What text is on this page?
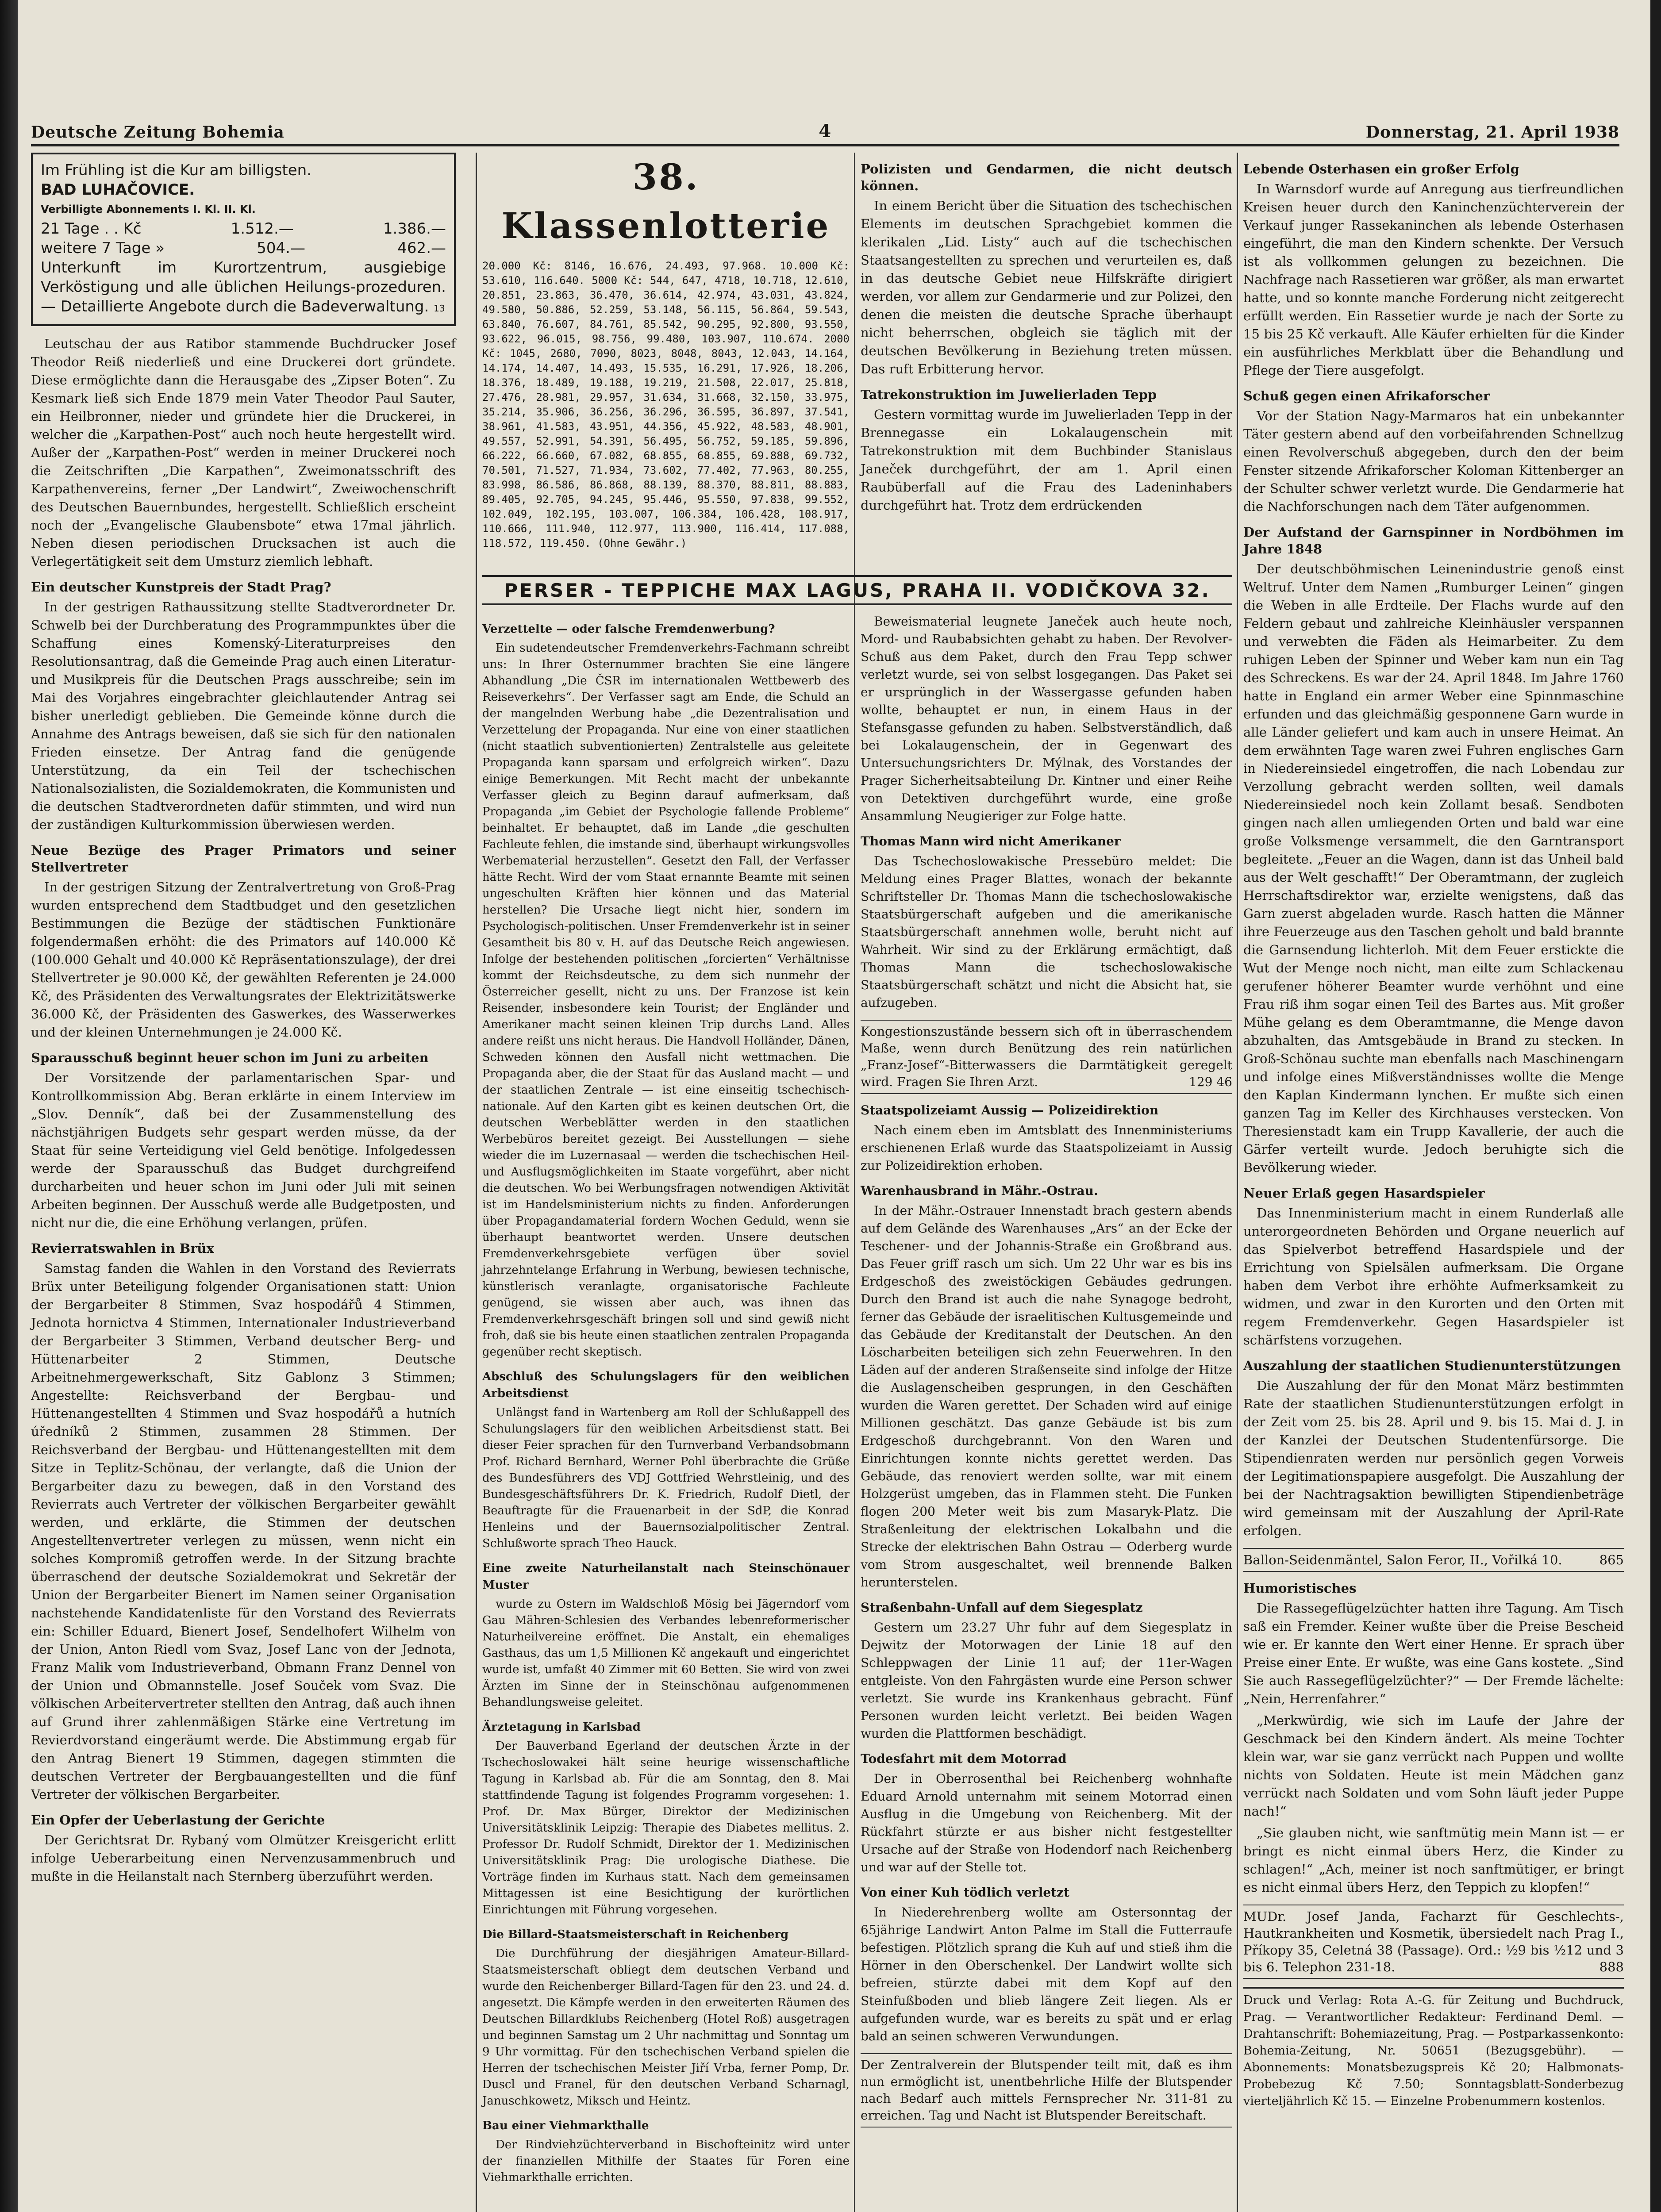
Deutsche Zeitung Bohemia	4	Donnerstag, 21. April 1938
Im Frühling ist die Kur am billigsten.
BAD LUHAČOVICE.
Verbilligte Abonnements I. Kl. II. Kl.
21 Tage . . Kč	1.512.—	1.386.—
weitere 7 Tage »	504.—	462.—
Unterkunft im Kurortzentrum, ausgiebige Verköstigung und alle üblichen Heilungs-prozeduren. — Detaillierte Angebote durch die Badeverwaltung. 13

Leutschau der aus Ratibor stammende Buchdrucker Josef Theodor Reiß niederließ und eine Druckerei dort gründete. Diese ermöglichte dann die Herausgabe des „Zipser Boten“. Zu Kesmark ließ sich Ende 1879 mein Vater Theodor Paul Sauter, ein Heilbronner, nieder und gründete hier die Druckerei, in welcher die „Karpathen-Post“ auch noch heute hergestellt wird. Außer der „Karpathen-Post“ werden in meiner Druckerei noch die Zeitschriften „Die Karpathen“, Zweimonatsschrift des Karpathenvereins, ferner „Der Landwirt“, Zweiwochenschrift des Deutschen Bauernbundes, hergestellt. Schließlich erscheint noch der „Evangelische Glaubensbote“ etwa 17mal jährlich. Neben diesen periodischen Drucksachen ist auch die Verlegertätigkeit seit dem Umsturz ziemlich lebhaft.

Ein deutscher Kunstpreis der Stadt Prag?

In der gestrigen Rathaussitzung stellte Stadtverordneter Dr. Schwelb bei der Durchberatung des Programmpunktes über die Schaffung eines Komenský-Literaturpreises den Resolutionsantrag, daß die Gemeinde Prag auch einen Literatur- und Musikpreis für die Deutschen Prags ausschreibe; sein im Mai des Vorjahres eingebrachter gleichlautender Antrag sei bisher unerledigt geblieben. Die Gemeinde könne durch die Annahme des Antrags beweisen, daß sie sich für den nationalen Frieden einsetze. Der Antrag fand die genügende Unterstützung, da ein Teil der tschechischen Nationalsozialisten, die Sozialdemokraten, die Kommunisten und die deutschen Stadtverordneten dafür stimmten, und wird nun der zuständigen Kulturkommission überwiesen werden.

Neue Bezüge des Prager Primators und seiner Stellvertreter

In der gestrigen Sitzung der Zentralvertretung von Groß-Prag wurden entsprechend dem Stadtbudget und den gesetzlichen Bestimmungen die Bezüge der städtischen Funktionäre folgendermaßen erhöht: die des Primators auf 140.000 Kč (100.000 Gehalt und 40.000 Kč Repräsentationszulage), der drei Stellvertreter je 90.000 Kč, der gewählten Referenten je 24.000 Kč, des Präsidenten des Verwaltungsrates der Elektrizitätswerke 36.000 Kč, der Präsidenten des Gaswerkes, des Wasserwerkes und der kleinen Unternehmungen je 24.000 Kč.

Sparausschuß beginnt heuer schon im Juni zu arbeiten

Der Vorsitzende der parlamentarischen Spar- und Kontrollkommission Abg. Beran erklärte in einem Interview im „Slov. Denník“, daß bei der Zusammenstellung des nächstjährigen Budgets sehr gespart werden müsse, da der Staat für seine Verteidigung viel Geld benötige. Infolgedessen werde der Sparausschuß das Budget durchgreifend durcharbeiten und heuer schon im Juni oder Juli mit seinen Arbeiten beginnen. Der Ausschuß werde alle Budgetposten, und nicht nur die, die eine Erhöhung verlangen, prüfen.

Revierratswahlen in Brüx

Samstag fanden die Wahlen in den Vorstand des Revierrats Brüx unter Beteiligung folgender Organisationen statt: Union der Bergarbeiter 8 Stimmen, Svaz hospodářů 4 Stimmen, Jednota hornictva 4 Stimmen, Internationaler Industrieverband der Bergarbeiter 3 Stimmen, Verband deutscher Berg- und Hüttenarbeiter 2 Stimmen, Deutsche Arbeitnehmergewerkschaft, Sitz Gablonz 3 Stimmen; Angestellte: Reichsverband der Bergbau- und Hüttenangestellten 4 Stimmen und Svaz hospodářů a hutních úředníků 2 Stimmen, zusammen 28 Stimmen. Der Reichsverband der Bergbau- und Hüttenangestellten mit dem Sitze in Teplitz-Schönau, der verlangte, daß die Union der Bergarbeiter dazu zu bewegen, daß in den Vorstand des Revierrats auch Vertreter der völkischen Bergarbeiter gewählt werden, und erklärte, die Stimmen der deutschen Angestelltenvertreter verlegen zu müssen, wenn nicht ein solches Kompromiß getroffen werde. In der Sitzung brachte überraschend der deutsche Sozialdemokrat und Sekretär der Union der Bergarbeiter Bienert im Namen seiner Organisation nachstehende Kandidatenliste für den Vorstand des Revierrats ein: Schiller Eduard, Bienert Josef, Sendelhofert Wilhelm von der Union, Anton Riedl vom Svaz, Josef Lanc von der Jednota, Franz Malik vom Industrieverband, Obmann Franz Dennel von der Union und Obmannstelle. Josef Souček vom Svaz. Die völkischen Arbeitervertreter stellten den Antrag, daß auch ihnen auf Grund ihrer zahlenmäßigen Stärke eine Vertretung im Revierdvorstand eingeräumt werde. Die Abstimmung ergab für den Antrag Bienert 19 Stimmen, dagegen stimmten die deutschen Vertreter der Bergbauangestellten und die fünf Vertreter der völkischen Bergarbeiter.

Ein Opfer der Ueberlastung der Gerichte

Der Gerichtsrat Dr. Rybaný vom Olmützer Kreisgericht erlitt infolge Ueberarbeitung einen Nervenzusammenbruch und mußte in die Heilanstalt nach Sternberg überzuführt werden.

38. Klassenlotterie
20.000 Kč: 8146, 16.676, 24.493, 97.968. 10.000 Kč: 53.610, 116.640. 5000 Kč: 544, 647, 4718, 10.718, 12.610, 20.851, 23.863, 36.470, 36.614, 42.974, 43.031, 43.824, 49.580, 50.886, 52.259, 53.148, 56.115, 56.864, 59.543, 63.840, 76.607, 84.761, 85.542, 90.295, 92.800, 93.550, 93.622, 96.015, 98.756, 99.480, 103.907, 110.674. 2000 Kč: 1045, 2680, 7090, 8023, 8048, 8043, 12.043, 14.164, 14.174, 14.407, 14.493, 15.535, 16.291, 17.926, 18.206, 18.376, 18.489, 19.188, 19.219, 21.508, 22.017, 25.818, 27.476, 28.981, 29.957, 31.634, 31.668, 32.150, 33.975, 35.214, 35.906, 36.256, 36.296, 36.595, 36.897, 37.541, 38.961, 41.583, 43.951, 44.356, 45.922, 48.583, 48.901, 49.557, 52.991, 54.391, 56.495, 56.752, 59.185, 59.896, 66.222, 66.660, 67.082, 68.855, 68.855, 69.888, 69.732, 70.501, 71.527, 71.934, 73.602, 77.402, 77.963, 80.255, 83.998, 86.586, 86.868, 88.139, 88.370, 88.811, 88.883, 89.405, 92.705, 94.245, 95.446, 95.550, 97.838, 99.552, 102.049, 102.195, 103.007, 106.384, 106.428, 108.917, 110.666, 111.940, 112.977, 113.900, 116.414, 117.088, 118.572, 119.450. (Ohne Gewähr.)
Polizisten und Gendarmen, die nicht deutsch können.

In einem Bericht über die Situation des tschechischen Elements im deutschen Sprachgebiet kommen die klerikalen „Lid. Listy“ auch auf die tschechischen Staatsangestellten zu sprechen und verurteilen es, daß in das deutsche Gebiet neue Hilfskräfte dirigiert werden, vor allem zur Gendarmerie und zur Polizei, den denen die meisten die deutsche Sprache überhaupt nicht beherrschen, obgleich sie täglich mit der deutschen Bevölkerung in Beziehung treten müssen. Das ruft Erbitterung hervor.

Tatrekonstruktion im Juwelierladen Tepp

Gestern vormittag wurde im Juwelierladen Tepp in der Brennegasse ein Lokalaugenschein mit Tatrekonstruktion mit dem Buchbinder Stanislaus Janeček durchgeführt, der am 1. April einen Raubüberfall auf die Frau des Ladeninhabers durchgeführt hat. Trotz dem erdrückenden

Lebende Osterhasen ein großer Erfolg

In Warnsdorf wurde auf Anregung aus tierfreundlichen Kreisen heuer durch den Kaninchenzüchterverein der Verkauf junger Rassekaninchen als lebende Osterhasen eingeführt, die man den Kindern schenkte. Der Versuch ist als vollkommen gelungen zu bezeichnen. Die Nachfrage nach Rassetieren war größer, als man erwartet hatte, und so konnte manche Forderung nicht zeitgerecht erfüllt werden. Ein Rassetier wurde je nach der Sorte zu 15 bis 25 Kč verkauft. Alle Käufer erhielten für die Kinder ein ausführliches Merkblatt über die Behandlung und Pflege der Tiere ausgefolgt.

Schuß gegen einen Afrikaforscher

Vor der Station Nagy-Marmaros hat ein unbekannter Täter gestern abend auf den vorbeifahrenden Schnellzug einen Revolverschuß abgegeben, durch den der beim Fenster sitzende Afrikaforscher Koloman Kittenberger an der Schulter schwer verletzt wurde. Die Gendarmerie hat die Nachforschungen nach dem Täter aufgenommen.

Der Aufstand der Garnspinner in Nordböhmen im Jahre 1848

Der deutschböhmischen Leinenindustrie genoß einst Weltruf. Unter dem Namen „Rumburger Leinen“ gingen die Weben in alle Erdteile. Der Flachs wurde auf den Feldern gebaut und zahlreiche Kleinhäusler verspannen und verwebten die Fäden als Heimarbeiter. Zu dem ruhigen Leben der Spinner und Weber kam nun ein Tag des Schreckens. Es war der 24. April 1848. Im Jahre 1760 hatte in England ein armer Weber eine Spinnmaschine erfunden und das gleichmäßig gesponnene Garn wurde in alle Länder geliefert und kam auch in unsere Heimat. An dem erwähnten Tage waren zwei Fuhren englisches Garn in Niedereinsiedel eingetroffen, die nach Lobendau zur Verzollung gebracht werden sollten, weil damals Niedereinsiedel noch kein Zollamt besaß. Sendboten gingen nach allen umliegenden Orten und bald war eine große Volksmenge versammelt, die den Garntransport begleitete. „Feuer an die Wagen, dann ist das Unheil bald aus der Welt geschafft!“ Der Oberamtmann, der zugleich Herrschaftsdirektor war, erzielte wenigstens, daß das Garn zuerst abgeladen wurde. Rasch hatten die Männer ihre Feuerzeuge aus den Taschen geholt und bald brannte die Garnsendung lichterloh. Mit dem Feuer erstickte die Wut der Menge noch nicht, man eilte zum Schlackenau gerufener höherer Beamter wurde verhöhnt und eine Frau riß ihm sogar einen Teil des Bartes aus. Mit großer Mühe gelang es dem Oberamtmanne, die Menge davon abzuhalten, das Amtsgebäude in Brand zu stecken. In Groß-Schönau suchte man ebenfalls nach Maschinengarn und infolge eines Mißverständnisses wollte die Menge den Kaplan Kindermann lynchen. Er mußte sich einen ganzen Tag im Keller des Kirchhauses verstecken. Von Theresienstadt kam ein Trupp Kavallerie, der auch die Gärfer verteilt wurde. Jedoch beruhigte sich die Bevölkerung wieder.

Neuer Erlaß gegen Hasardspieler

Das Innenministerium macht in einem Runderlaß alle unterorgeordneten Behörden und Organe neuerlich auf das Spielverbot betreffend Hasardspiele und der Errichtung von Spielsälen aufmerksam. Die Organe haben dem Verbot ihre erhöhte Aufmerksamkeit zu widmen, und zwar in den Kurorten und den Orten mit regem Fremdenverkehr. Gegen Hasardspieler ist schärfstens vorzugehen.

Auszahlung der staatlichen Studienunterstützungen

Die Auszahlung der für den Monat März bestimmten Rate der staatlichen Studienunterstützungen erfolgt in der Zeit vom 25. bis 28. April und 9. bis 15. Mai d. J. in der Kanzlei der Deutschen Studentenfürsorge. Die Stipendienraten werden nur persönlich gegen Vorweis der Legitimationspapiere ausgefolgt. Die Auszahlung der bei der Nachtragsaktion bewilligten Stipendienbeträge wird gemeinsam mit der Auszahlung der April-Rate erfolgen.

Ballon-Seidenmäntel, Salon Feror, II., Vořilká 10.	865
Humoristisches

Die Rassegeflügelzüchter hatten ihre Tagung. Am Tisch saß ein Fremder. Keiner wußte über die Preise Bescheid wie er. Er kannte den Wert einer Henne. Er sprach über Preise einer Ente. Er wußte, was eine Gans kostete. „Sind Sie auch Rassegeflügelzüchter?“ — Der Fremde lächelte: „Nein, Herrenfahrer.“

„Merkwürdig, wie sich im Laufe der Jahre der Geschmack bei den Kindern ändert. Als meine Tochter klein war, war sie ganz verrückt nach Puppen und wollte nichts von Soldaten. Heute ist mein Mädchen ganz verrückt nach Soldaten und vom Sohn läuft jeder Puppe nach!“

„Sie glauben nicht, wie sanftmütig mein Mann ist — er bringt es nicht einmal übers Herz, die Kinder zu schlagen!“ „Ach, meiner ist noch sanftmütiger, er bringt es nicht einmal übers Herz, den Teppich zu klopfen!“

MUDr. Josef Janda, Facharzt für Geschlechts-, Hautkrankheiten und Kosmetik, übersiedelt nach Prag I., Příkopy 35, Celetná 38 (Passage). Ord.: ½9 bis ½12 und 3 bis 6. Telephon 231-18.	888
Druck und Verlag: Rota A.-G. für Zeitung und Buchdruck, Prag. — Verantwortlicher Redakteur: Ferdinand Deml. — Drahtanschrift: Bohemiazeitung, Prag. — Postparkassenkonto: Bohemia-Zeitung, Nr. 50651 (Bezugsgebühr). — Abonnements: Monatsbezugspreis Kč 20; Halbmonats-Probebezug Kč 7.50; Sonntagsblatt-Sonderbezug vierteljährlich Kč 15. — Einzelne Probenummern kostenlos.
PERSER - TEPPICHE MAX LAGUS, PRAHA II. VODIČKOVA 32.
Verzettelte — oder falsche Fremdenwerbung?

Ein sudetendeutscher Fremdenverkehrs-Fachmann schreibt uns: In Ihrer Osternummer brachten Sie eine längere Abhandlung „Die ČSR im internationalen Wettbewerb des Reiseverkehrs“. Der Verfasser sagt am Ende, die Schuld an der mangelnden Werbung habe „die Dezentralisation und Verzettelung der Propaganda. Nur eine von einer staatlichen (nicht staatlich subventionierten) Zentralstelle aus geleitete Propaganda kann sparsam und erfolgreich wirken“. Dazu einige Bemerkungen. Mit Recht macht der unbekannte Verfasser gleich zu Beginn darauf aufmerksam, daß Propaganda „im Gebiet der Psychologie fallende Probleme“ beinhaltet. Er behauptet, daß im Lande „die geschulten Fachleute fehlen, die imstande sind, überhaupt wirkungsvolles Werbematerial herzustellen“. Gesetzt den Fall, der Verfasser hätte Recht. Wird der vom Staat ernannte Beamte mit seinen ungeschulten Kräften hier können und das Material herstellen? Die Ursache liegt nicht hier, sondern im Psychologisch-politischen. Unser Fremdenverkehr ist in seiner Gesamtheit bis 80 v. H. auf das Deutsche Reich angewiesen. Infolge der bestehenden politischen „forcierten“ Verhältnisse kommt der Reichsdeutsche, zu dem sich nunmehr der Österreicher gesellt, nicht zu uns. Der Franzose ist kein Reisender, insbesondere kein Tourist; der Engländer und Amerikaner macht seinen kleinen Trip durchs Land. Alles andere reißt uns nicht heraus. Die Handvoll Holländer, Dänen, Schweden können den Ausfall nicht wettmachen. Die Propaganda aber, die der Staat für das Ausland macht — und der staatlichen Zentrale — ist eine einseitig tschechisch-nationale. Auf den Karten gibt es keinen deutschen Ort, die deutschen Werbeblätter werden in den staatlichen Werbebüros bereitet gezeigt. Bei Ausstellungen — siehe wieder die im Luzernasaal — werden die tschechischen Heil- und Ausflugsmöglichkeiten im Staate vorgeführt, aber nicht die deutschen. Wo bei Werbungsfragen notwendigen Aktivität ist im Handelsministerium nichts zu finden. Anforderungen über Propagandamaterial fordern Wochen Geduld, wenn sie überhaupt beantwortet werden. Unsere deutschen Fremdenverkehrsgebiete verfügen über soviel jahrzehntelange Erfahrung in Werbung, bewiesen technische, künstlerisch veranlagte, organisatorische Fachleute genügend, sie wissen aber auch, was ihnen das Fremdenverkehrsgeschäft bringen soll und sind gewiß nicht froh, daß sie bis heute einen staatlichen zentralen Propaganda gegenüber recht skeptisch.

Abschluß des Schulungslagers für den weiblichen Arbeitsdienst

Unlängst fand in Wartenberg am Roll der Schlußappell des Schulungslagers für den weiblichen Arbeitsdienst statt. Bei dieser Feier sprachen für den Turnverband Verbandsobmann Prof. Richard Bernhard, Werner Pohl überbrachte die Grüße des Bundesführers des VDJ Gottfried Wehrstleinig, und des Bundesgeschäftsführers Dr. K. Friedrich, Rudolf Dietl, der Beauftragte für die Frauenarbeit in der SdP, die Konrad Henleins und der Bauernsozialpolitischer Zentral. Schlußworte sprach Theo Hauck.

Eine zweite Naturheilanstalt nach Steinschönauer Muster

wurde zu Ostern im Waldschloß Mösig bei Jägerndorf vom Gau Mähren-Schlesien des Verbandes lebenreformerischer Naturheilvereine eröffnet. Die Anstalt, ein ehemaliges Gasthaus, das um 1,5 Millionen Kč angekauft und eingerichtet wurde ist, umfaßt 40 Zimmer mit 60 Betten. Sie wird von zwei Ärzten im Sinne der in Steinschönau aufgenommenen Behandlungsweise geleitet.

Ärztetagung in Karlsbad

Der Bauverband Egerland der deutschen Ärzte in der Tschechoslowakei hält seine heurige wissenschaftliche Tagung in Karlsbad ab. Für die am Sonntag, den 8. Mai stattfindende Tagung ist folgendes Programm vorgesehen: 1. Prof. Dr. Max Bürger, Direktor der Medizinischen Universitätsklinik Leipzig: Therapie des Diabetes mellitus. 2. Professor Dr. Rudolf Schmidt, Direktor der 1. Medizinischen Universitätsklinik Prag: Die urologische Diathese. Die Vorträge finden im Kurhaus statt. Nach dem gemeinsamen Mittagessen ist eine Besichtigung der kurörtlichen Einrichtungen mit Führung vorgesehen.

Die Billard-Staatsmeisterschaft in Reichenberg

Die Durchführung der diesjährigen Amateur-Billard-Staatsmeisterschaft obliegt dem deutschen Verband und wurde den Reichenberger Billard-Tagen für den 23. und 24. d. angesetzt. Die Kämpfe werden in den erweiterten Räumen des Deutschen Billardklubs Reichenberg (Hotel Roß) ausgetragen und beginnen Samstag um 2 Uhr nachmittag und Sonntag um 9 Uhr vormittag. Für den tschechischen Verband spielen die Herren der tschechischen Meister Jiří Vrba, ferner Pomp, Dr. Duscl und Franel, für den deutschen Verband Scharnagl, Januschkowetz, Miksch und Heintz.

Bau einer Viehmarkthalle

Der Rindviehzüchterverband in Bischofteinitz wird unter der finanziellen Mithilfe der Staates für Foren eine Viehmarkthalle errichten.

Beweismaterial leugnete Janeček auch heute noch, Mord- und Raubabsichten gehabt zu haben. Der Revolver-Schuß aus dem Paket, durch den Frau Tepp schwer verletzt wurde, sei von selbst losgegangen. Das Paket sei er ursprünglich in der Wassergasse gefunden haben wollte, behauptet er nun, in einem Haus in der Stefansgasse gefunden zu haben. Selbstverständlich, daß bei Lokalaugenschein, der in Gegenwart des Untersuchungsrichters Dr. Mýlnak, des Vorstandes der Prager Sicherheitsabteilung Dr. Kintner und einer Reihe von Detektiven durchgeführt wurde, eine große Ansammlung Neugieriger zur Folge hatte.

Thomas Mann wird nicht Amerikaner

Das Tschechoslowakische Pressebüro meldet: Die Meldung eines Prager Blattes, wonach der bekannte Schriftsteller Dr. Thomas Mann die tschechoslowakische Staatsbürgerschaft aufgeben und die amerikanische Staatsbürgerschaft annehmen wolle, beruht nicht auf Wahrheit. Wir sind zu der Erklärung ermächtigt, daß Thomas Mann die tschechoslowakische Staatsbürgerschaft schätzt und nicht die Absicht hat, sie aufzugeben.

Kongestionszustände bessern sich oft in überraschendem Maße, wenn durch Benützung des rein natürlichen „Franz-Josef“-Bitterwassers die Darmtätigkeit geregelt wird. Fragen Sie Ihren Arzt.	129 46
Staatspolizeiamt Aussig — Polizeidirektion

Nach einem eben im Amtsblatt des Innenministeriums erschienenen Erlaß wurde das Staatspolizeiamt in Aussig zur Polizeidirektion erhoben.

Warenhausbrand in Mähr.-Ostrau.

In der Mähr.-Ostrauer Innenstadt brach gestern abends auf dem Gelände des Warenhauses „Ars“ an der Ecke der Teschener- und der Johannis-Straße ein Großbrand aus. Das Feuer griff rasch um sich. Um 22 Uhr war es bis ins Erdgeschoß des zweistöckigen Gebäudes gedrungen. Durch den Brand ist auch die nahe Synagoge bedroht, ferner das Gebäude der israelitischen Kultusgemeinde und das Gebäude der Kreditanstalt der Deutschen. An den Löscharbeiten beteiligen sich zehn Feuerwehren. In den Läden auf der anderen Straßenseite sind infolge der Hitze die Auslagenscheiben gesprungen, in den Geschäften wurden die Waren gerettet. Der Schaden wird auf einige Millionen geschätzt. Das ganze Gebäude ist bis zum Erdgeschoß durchgebrannt. Von den Waren und Einrichtungen konnte nichts gerettet werden. Das Gebäude, das renoviert werden sollte, war mit einem Holzgerüst umgeben, das in Flammen steht. Die Funken flogen 200 Meter weit bis zum Masaryk-Platz. Die Straßenleitung der elektrischen Lokalbahn und die Strecke der elektrischen Bahn Ostrau — Oderberg wurde vom Strom ausgeschaltet, weil brennende Balken herunterstelen.

Straßenbahn-Unfall auf dem Siegesplatz

Gestern um 23.27 Uhr fuhr auf dem Siegesplatz in Dejwitz der Motorwagen der Linie 18 auf den Schleppwagen der Linie 11 auf; der 11er-Wagen entgleiste. Von den Fahrgästen wurde eine Person schwer verletzt. Sie wurde ins Krankenhaus gebracht. Fünf Personen wurden leicht verletzt. Bei beiden Wagen wurden die Plattformen beschädigt.

Todesfahrt mit dem Motorrad

Der in Oberrosenthal bei Reichenberg wohnhafte Eduard Arnold unternahm mit seinem Motorrad einen Ausflug in die Umgebung von Reichenberg. Mit der Rückfahrt stürzte er aus bisher nicht festgestellter Ursache auf der Straße von Hodendorf nach Reichenberg und war auf der Stelle tot.

Von einer Kuh tödlich verletzt

In Niederehrenberg wollte am Ostersonntag der 65jährige Landwirt Anton Palme im Stall die Futterraufe befestigen. Plötzlich sprang die Kuh auf und stieß ihm die Hörner in den Oberschenkel. Der Landwirt wollte sich befreien, stürzte dabei mit dem Kopf auf den Steinfußboden und blieb längere Zeit liegen. Als er aufgefunden wurde, war es bereits zu spät und er erlag bald an seinen schweren Verwundungen.

Der Zentralverein der Blutspender teilt mit, daß es ihm nun ermöglicht ist, unentbehrliche Hilfe der Blutspender nach Bedarf auch mittels Fernsprecher Nr. 311-81 zu erreichen. Tag und Nacht ist Blutspender Bereitschaft.
